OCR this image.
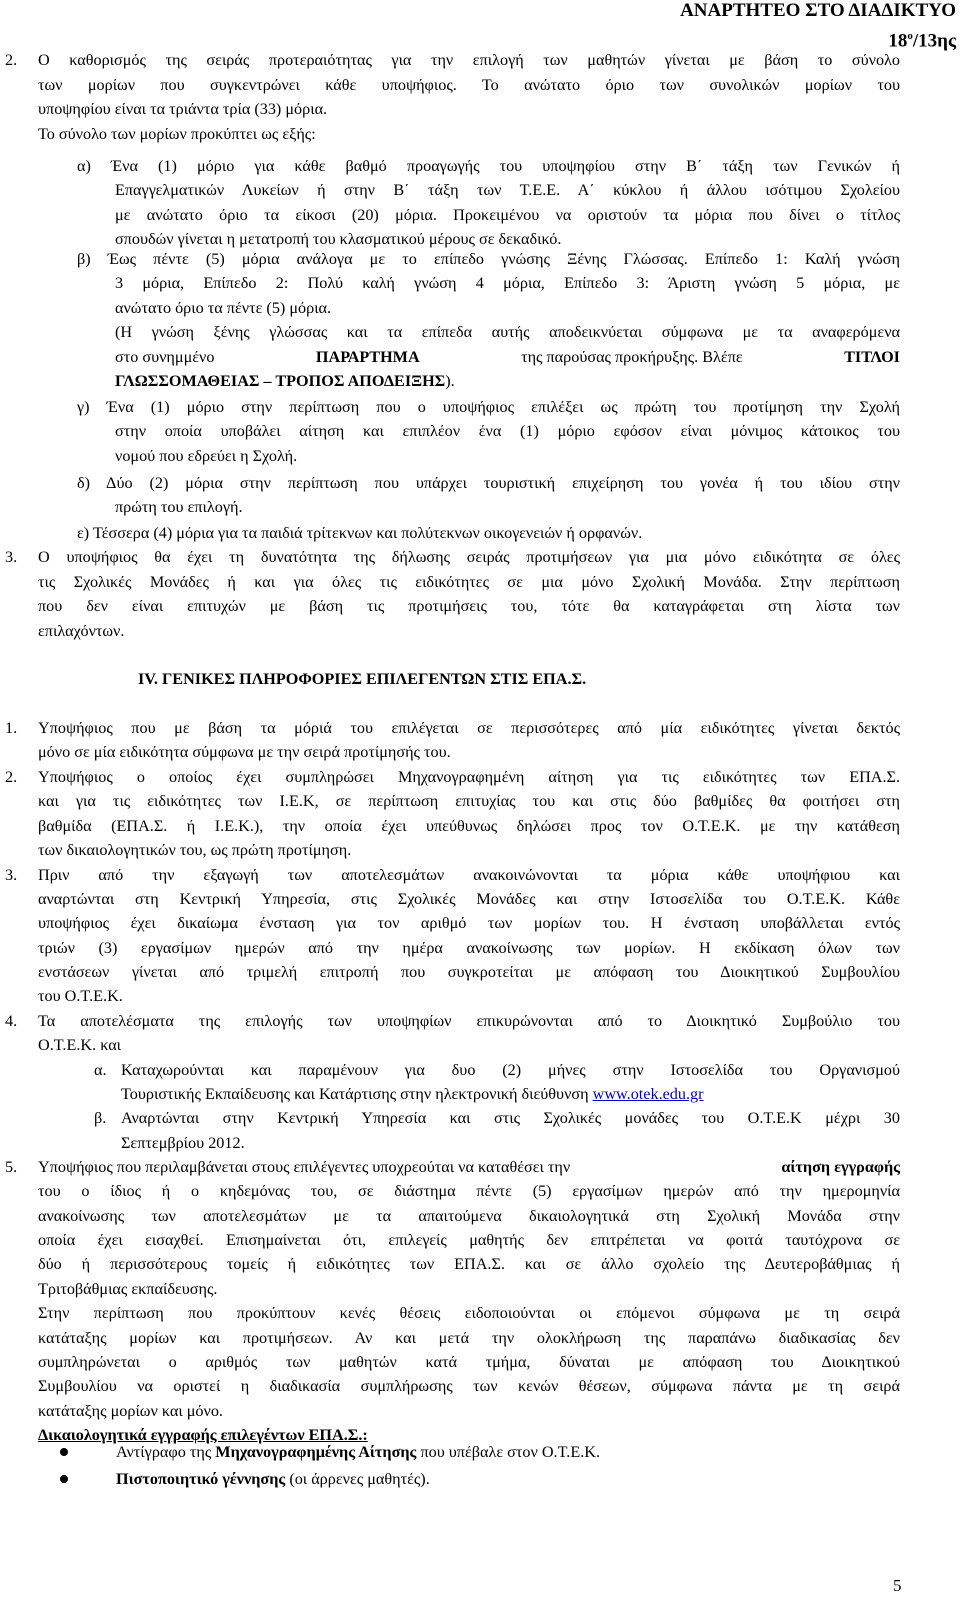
ΑΝΑΡΤΗΤΕΟ ΣΤΟ ΔΙΑΔΙΚΤΥΟ
$18^o/13\eta\varsigma$
2. Ο καθορισμός της σειράς προτεραιότητας για την επιλογή των μαθητών γίνεται με βάση το σύνολο
των μορίων που συγκεντρώνει κάθε υποψήφιος. Το ανώτατο όριο των συνολικών μορίων του
υποψηφίου είναι τα τριάντα τρία (33) μόρια.
Το σύνολο των μορίων προκύπτει ως εξής:
α) Ένα (1) μόριο για κάθε βαθμό προαγωγής του υποψηφίου στην Β΄ τάξη των Γενικών ή
Επαγγελματικών Λυκείων ή στην Β΄ τάξη των Τ.Ε.Ε. Α΄ κύκλου ή άλλου ισότιμου Σχολείου
με ανώτατο όριο τα είκοσι (20) μόρια. Προκειμένου να οριστούν τα μόρια που δίνει ο τίτλος
σπουδών γίνεται η μετατροπή του κλασματικού μέρους σε δεκαδικό.
β) Έως πέντε (5) μόρια ανάλογα με το επίπεδο γνώσης Ξένης Γλώσσας. Επίπεδο 1: Καλή γνώση
3 μόρια, Επίπεδο 2: Πολύ καλή γνώση 4 μόρια, Επίπεδο 3: Άριστη γνώση 5 μόρια, με
ανώτατο όριο τα πέντε (5) μόρια.
(Η γνώση ξένης γλώσσας και τα επίπεδα αυτής αποδεικνύεται σύμφωνα με τα αναφερόμενα
στο συνημμένο	ΠΑΡΑΡΤΗΜΑ	της παρούσας προκήρυξης. Βλέπε	ΤΙΤΛΟΙ
ΓΛΩΣΣΟΜΑΘΕΙΑΣ – ΤΡΟΠΟΣ ΑΠΟΔΕΙΞΗΣ).
γ) Ένα (1) μόριο στην περίπτωση που ο υποψήφιος επιλέξει ως πρώτη του προτίμηση την Σχολή
στην οποία υποβάλει αίτηση και επιπλέον ένα (1) μόριο εφόσον είναι μόνιμος κάτοικος του
νομού που εδρεύει η Σχολή.
δ) Δύο (2) μόρια στην περίπτωση που υπάρχει τουριστική επιχείρηση του γονέα ή του ιδίου στην
πρώτη του επιλογή.
ε) Τέσσερα (4) μόρια για τα παιδιά τρίτεκνων και πολύτεκνων οικογενειών ή ορφανών.
3. Ο υποψήφιος θα έχει τη δυνατότητα της δήλωσης σειράς προτιμήσεων για μια μόνο ειδικότητα σε όλες
τις Σχολικές Μονάδες ή και για όλες τις ειδικότητες σε μια μόνο Σχολική Μονάδα. Στην περίπτωση
που δεν είναι επιτυχών με βάση τις προτιμήσεις του, τότε θα καταγράφεται στη λίστα των
επιλαχόντων.
IV. ΓΕΝΙΚΕΣ ΠΛΗΡΟΦΟΡΙΕΣ ΕΠΙΛΕΓΕΝΤΩΝ ΣΤΙΣ ΕΠΑ.Σ.
1. Υποψήφιος που με βάση τα μόριά του επιλέγεται σε περισσότερες από μία ειδικότητες γίνεται δεκτός
μόνο σε μία ειδικότητα σύμφωνα με την σειρά προτίμησής του.
2. Υποψήφιος ο οποίος έχει συμπληρώσει Μηχανογραφημένη αίτηση για τις ειδικότητες των ΕΠΑ.Σ.
και για τις ειδικότητες των Ι.Ε.Κ, σε περίπτωση επιτυχίας του και στις δύο βαθμίδες θα φοιτήσει στη
βαθμίδα (ΕΠΑ.Σ. ή Ι.Ε.Κ.), την οποία έχει υπεύθυνως δηλώσει προς τον Ο.Τ.Ε.Κ. με την κατάθεση
των δικαιολογητικών του, ως πρώτη προτίμηση.
3. Πριν από την εξαγωγή των αποτελεσμάτων ανακοινώνονται τα μόρια κάθε υποψήφιου και
αναρτώνται στη Κεντρική Υπηρεσία, στις Σχολικές Μονάδες και στην Ιστοσελίδα του Ο.Τ.Ε.Κ. Κάθε
υποψήφιος έχει δικαίωμα ένσταση για τον αριθμό των μορίων του. Η ένσταση υποβάλλεται εντός
τριών (3) εργασίμων ημερών από την ημέρα ανακοίνωσης των μορίων. Η εκδίκαση όλων των
ενστάσεων γίνεται από τριμελή επιτροπή που συγκροτείται με απόφαση του Διοικητικού Συμβουλίου
του Ο.Τ.Ε.Κ.
4. Τα αποτελέσματα της επιλογής των υποψηφίων επικυρώνονται από το Διοικητικό Συμβούλιο του
Ο.Τ.Ε.Κ. και
α. Καταχωρούνται και παραμένουν για δυο (2) μήνες στην Ιστοσελίδα του Οργανισμού
Τουριστικής Εκπαίδευσης και Κατάρτισης στην ηλεκτρονική διεύθυνση www.otek.edu.gr
β. Αναρτώνται στην Κεντρική Υπηρεσία και στις Σχολικές μονάδες του Ο.Τ.Ε.Κ μέχρι 30
Σεπτεμβρίου 2012.
5. Υποψήφιος που περιλαμβάνεται στους επιλέγεντες υποχρεούται να καταθέσει την	αίτηση εγγραφής
του ο ίδιος ή ο κηδεμόνας του, σε διάστημα πέντε (5) εργασίμων ημερών από την ημερομηνία
ανακοίνωσης των αποτελεσμάτων με τα απαιτούμενα δικαιολογητικά στη Σχολική Μονάδα στην
οποία έχει εισαχθεί. Επισημαίνεται ότι, επιλεγείς μαθητής δεν επιτρέπεται να φοιτά ταυτόχρονα σε
δύο ή περισσότερους τομείς ή ειδικότητες των ΕΠΑ.Σ. και σε άλλο σχολείο της Δευτεροβάθμιας ή
Τριτοβάθμιας εκπαίδευσης.
Στην περίπτωση που προκύπτουν κενές θέσεις ειδοποιούνται οι επόμενοι σύμφωνα με τη σειρά
κατάταξης μορίων και προτιμήσεων. Αν και μετά την ολοκλήρωση της παραπάνω διαδικασίας δεν
συμπληρώνεται ο αριθμός των μαθητών κατά τμήμα, δύναται με απόφαση του Διοικητικού
Συμβουλίου να οριστεί η διαδικασία συμπλήρωσης των κενών θέσεων, σύμφωνα πάντα με τη σειρά
κατάταξης μορίων και μόνο.
Δικαιολογητικά εγγραφής επιλεγέντων ΕΠΑ.Σ.:
Αντίγραφο της Μηχανογραφημένης Αίτησης που υπέβαλε στον Ο.Τ.Ε.Κ.
Πιστοποιητικό γέννησης (οι άρρενες μαθητές).
5
